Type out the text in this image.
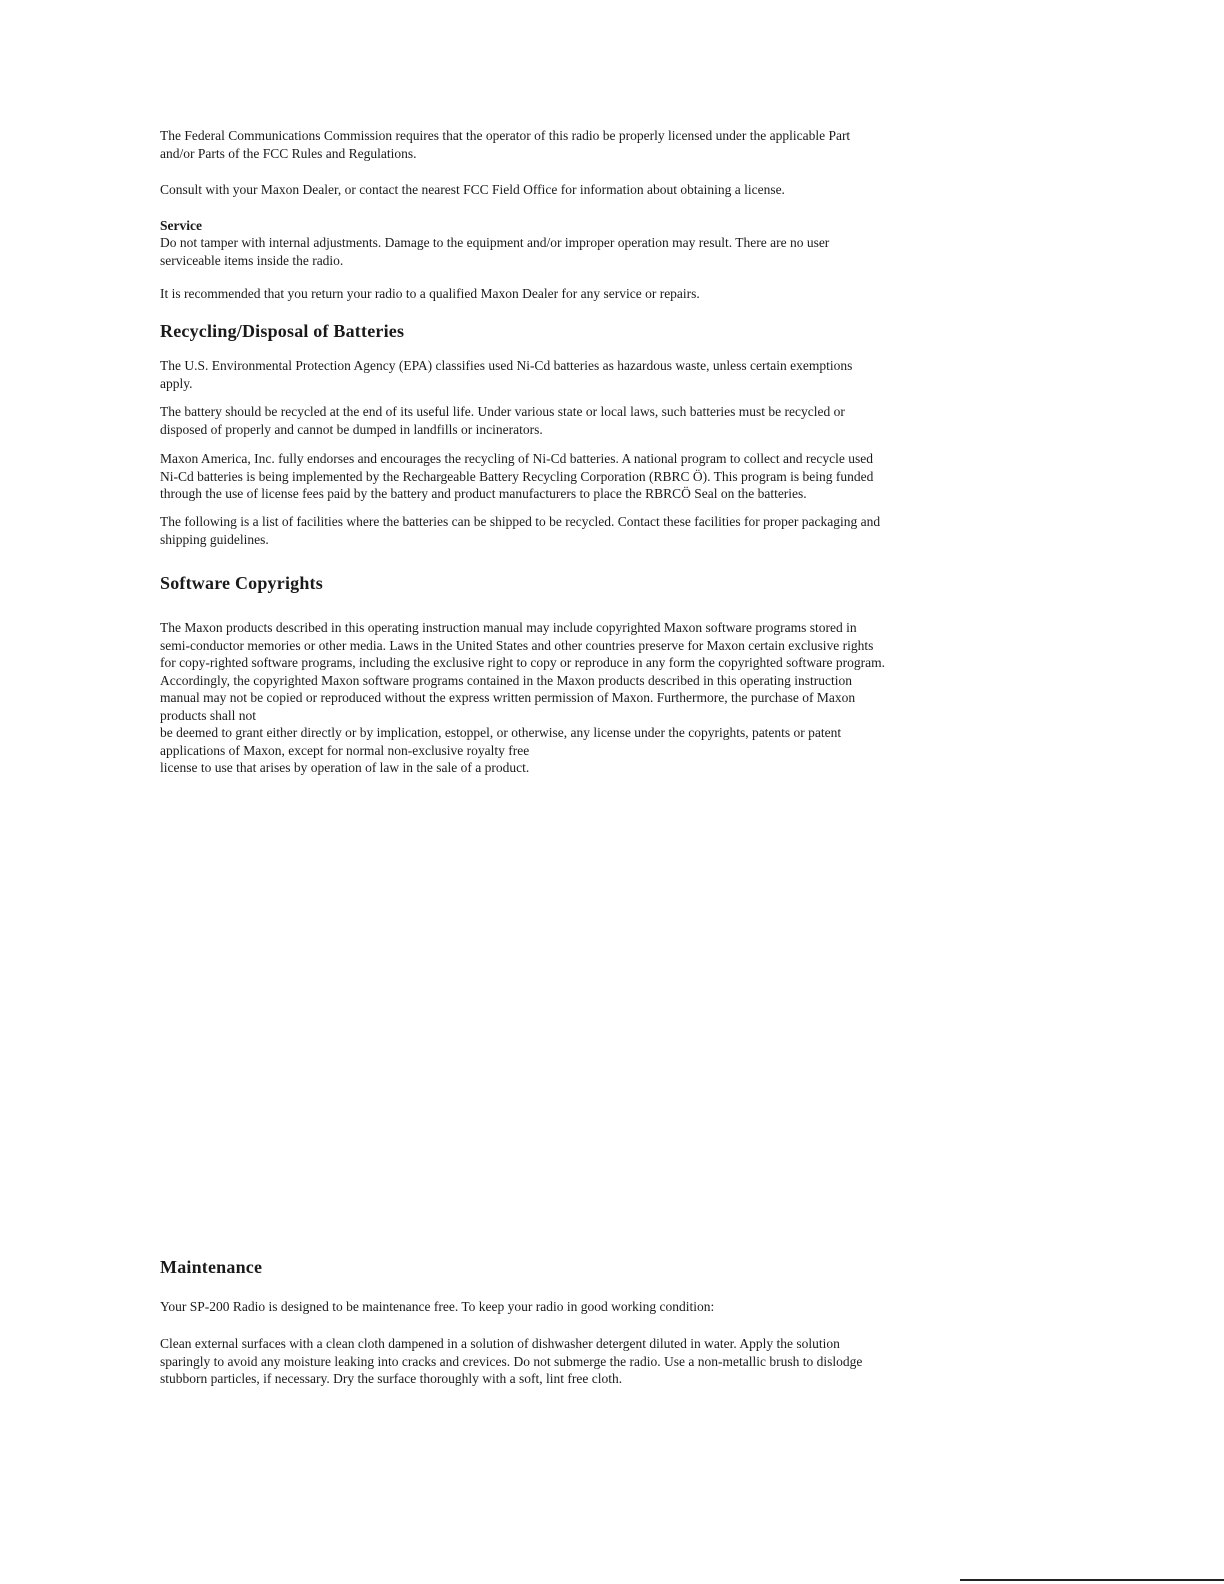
The Federal Communications Commission requires that the operator of this radio be properly licensed under the applicable Part
and/or Parts of the FCC Rules and Regulations.

Consult with your Maxon Dealer, or contact the nearest FCC Field Office for information about obtaining a license.

Service

Do not tamper with internal adjustments. Damage to the equipment and/or improper operation may result. There are no user
serviceable items inside the radio.

It is recommended that you return your radio to a qualified Maxon Dealer for any service or repairs.

Recycling/Disposal of Batteries

The U.S. Environmental Protection Agency (EPA) classifies used Ni-Cd batteries as hazardous waste, unless certain exemptions
apply.

The battery should be recycled at the end of its useful life. Under various state or local laws, such batteries must be recycled or
disposed of properly and cannot be dumped in landfills or incinerators.

Maxon America, Inc. fully endorses and encourages the recycling of Ni-Cd batteries. A national program to collect and recycle used
Ni-Cd batteries is being implemented by the Rechargeable Battery Recycling Corporation (RBRC Ö). This program is being funded
through the use of license fees paid by the battery and product manufacturers to place the RBRCÖ Seal on the batteries.

The following is a list of facilities where the batteries can be shipped to be recycled. Contact these facilities for proper packaging and
shipping guidelines.

Software Copyrights

The Maxon products described in this operating instruction manual may include copyrighted Maxon software programs stored in
semi-conductor memories or other media. Laws in the United States and other countries preserve for Maxon certain exclusive rights
for copy-righted software programs, including the exclusive right to copy or reproduce in any form the copyrighted software program.
Accordingly, the copyrighted Maxon software programs contained in the Maxon products described in this operating instruction
manual may not be copied or reproduced without the express written permission of Maxon. Furthermore, the purchase of Maxon
products shall not
be deemed to grant either directly or by implication, estoppel, or otherwise, any license under the copyrights, patents or patent
applications of Maxon, except for normal non-exclusive royalty free
license to use that arises by operation of law in the sale of a product.

Maintenance

Your SP-200 Radio is designed to be maintenance free. To keep your radio in good working condition:

Clean external surfaces with a clean cloth dampened in a solution of dishwasher detergent diluted in water. Apply the solution
sparingly to avoid any moisture leaking into cracks and crevices. Do not submerge the radio. Use a non-metallic brush to dislodge
stubborn particles, if necessary. Dry the surface thoroughly with a soft, lint free cloth.
